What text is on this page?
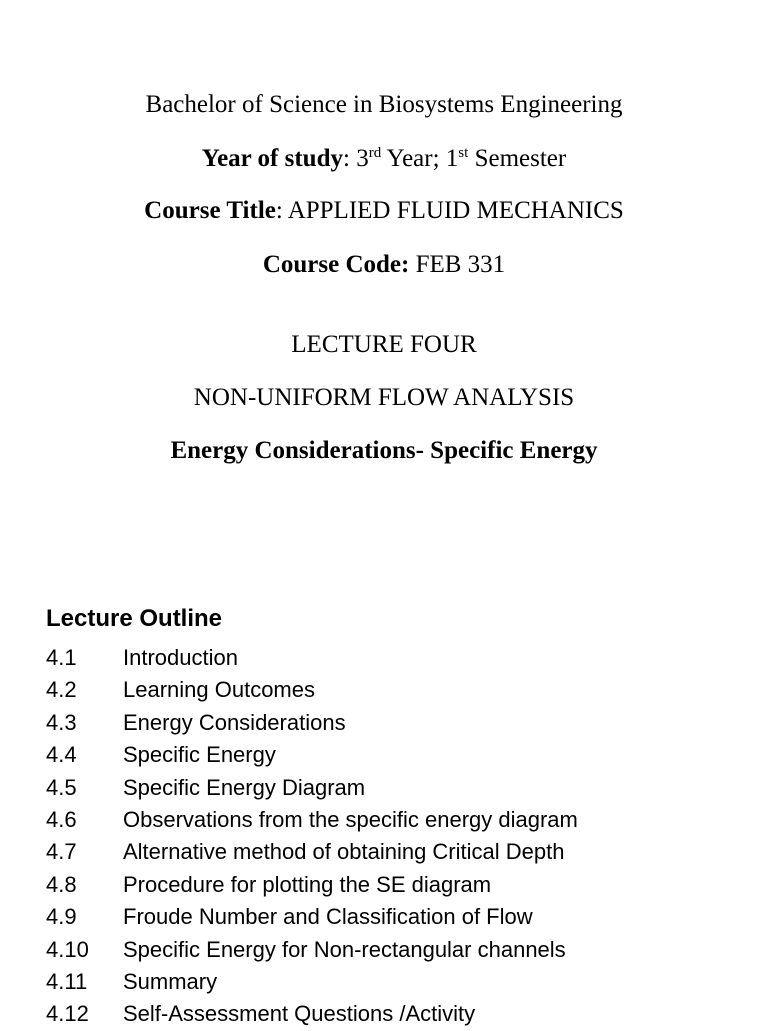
Bachelor of Science in Biosystems Engineering
Year of study: 3rd Year; 1st Semester
Course Title: APPLIED FLUID MECHANICS
Course Code: FEB 331
LECTURE FOUR
NON-UNIFORM FLOW ANALYSIS
Energy Considerations- Specific Energy
Lecture Outline
4.1	Introduction
4.2	Learning Outcomes
4.3	Energy Considerations
4.4	Specific Energy
4.5	Specific Energy Diagram
4.6	Observations from the specific energy diagram
4.7	Alternative method of obtaining Critical Depth
4.8	Procedure for plotting the SE diagram
4.9	Froude Number and Classification of Flow
4.10	Specific Energy for Non-rectangular channels
4.11	Summary
4.12	Self-Assessment Questions /Activity
